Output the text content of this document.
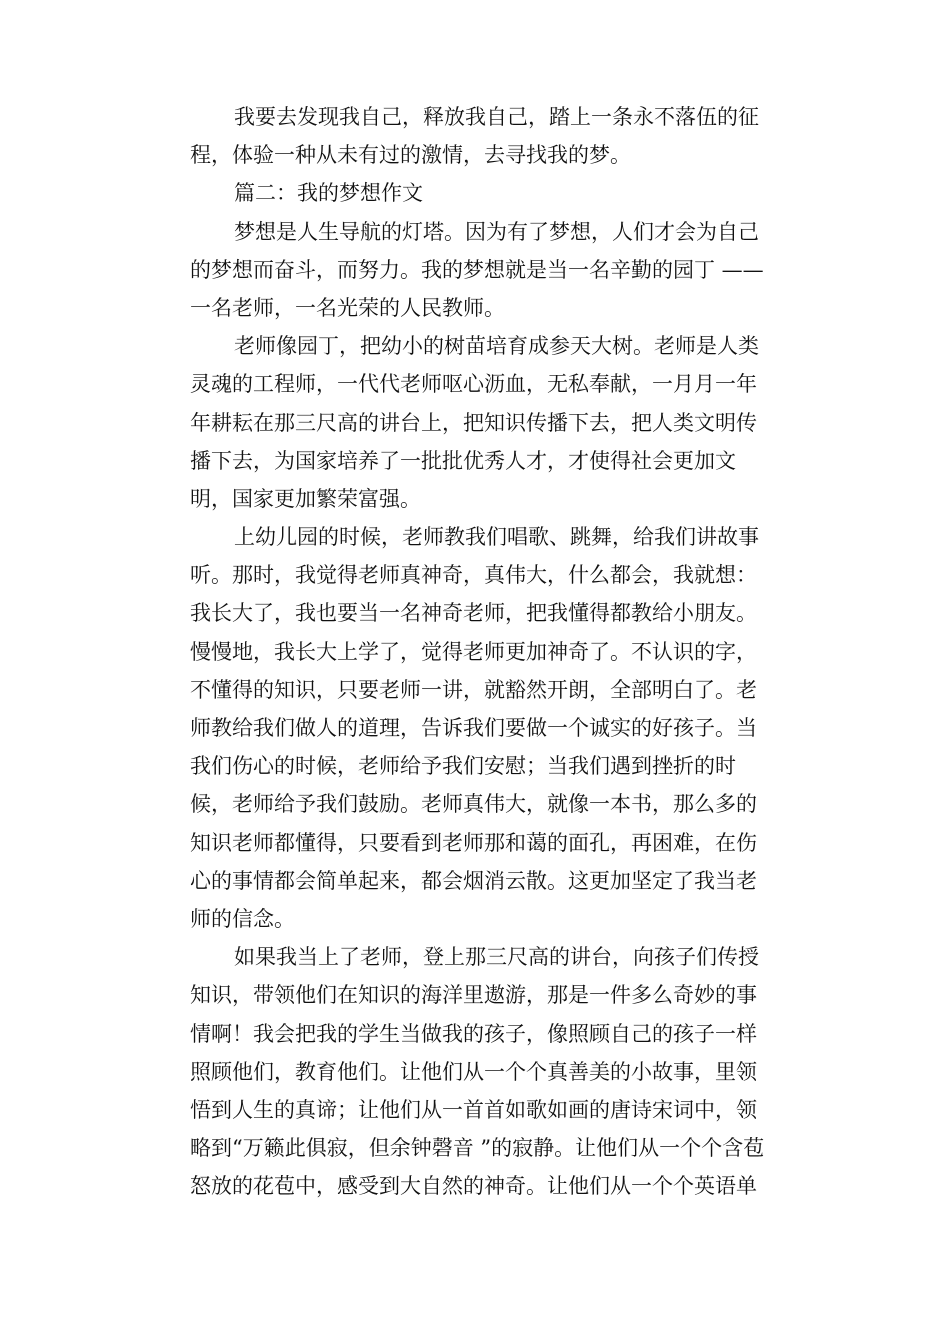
我要去发现我自己，释放我自己，踏上一条永不落伍的征
程，体验一种从未有过的激情，去寻找我的梦。
篇二：我的梦想作文
梦想是人生导航的灯塔。因为有了梦想，人们才会为自己
的梦想而奋斗，而努力。我的梦想就是当一名辛勤的园丁 ——
一名老师，一名光荣的人民教师。
老师像园丁，把幼小的树苗培育成参天大树。老师是人类
灵魂的工程师，一代代老师呕心沥血，无私奉献，一月月一年
年耕耘在那三尺高的讲台上，把知识传播下去，把人类文明传
播下去，为国家培养了一批批优秀人才，才使得社会更加文
明，国家更加繁荣富强。
上幼儿园的时候，老师教我们唱歌、跳舞，给我们讲故事
听。那时，我觉得老师真神奇，真伟大，什么都会，我就想：
我长大了，我也要当一名神奇老师，把我懂得都教给小朋友。
慢慢地，我长大上学了，觉得老师更加神奇了。不认识的字，
不懂得的知识，只要老师一讲，就豁然开朗，全部明白了。老
师教给我们做人的道理，告诉我们要做一个诚实的好孩子。当
我们伤心的时候，老师给予我们安慰；当我们遇到挫折的时
候，老师给予我们鼓励。老师真伟大，就像一本书，那么多的
知识老师都懂得，只要看到老师那和蔼的面孔，再困难，在伤
心的事情都会简单起来，都会烟消云散。这更加坚定了我当老
师的信念。
如果我当上了老师，登上那三尺高的讲台，向孩子们传授
知识，带领他们在知识的海洋里遨游，那是一件多么奇妙的事
情啊！我会把我的学生当做我的孩子，像照顾自己的孩子一样
照顾他们，教育他们。让他们从一个个真善美的小故事，里领
悟到人生的真谛；让他们从一首首如歌如画的唐诗宋词中，领
略到“万籁此俱寂，但余钟磬音 ”的寂静。让他们从一个个含苞
怒放的花苞中，感受到大自然的神奇。让他们从一个个英语单
